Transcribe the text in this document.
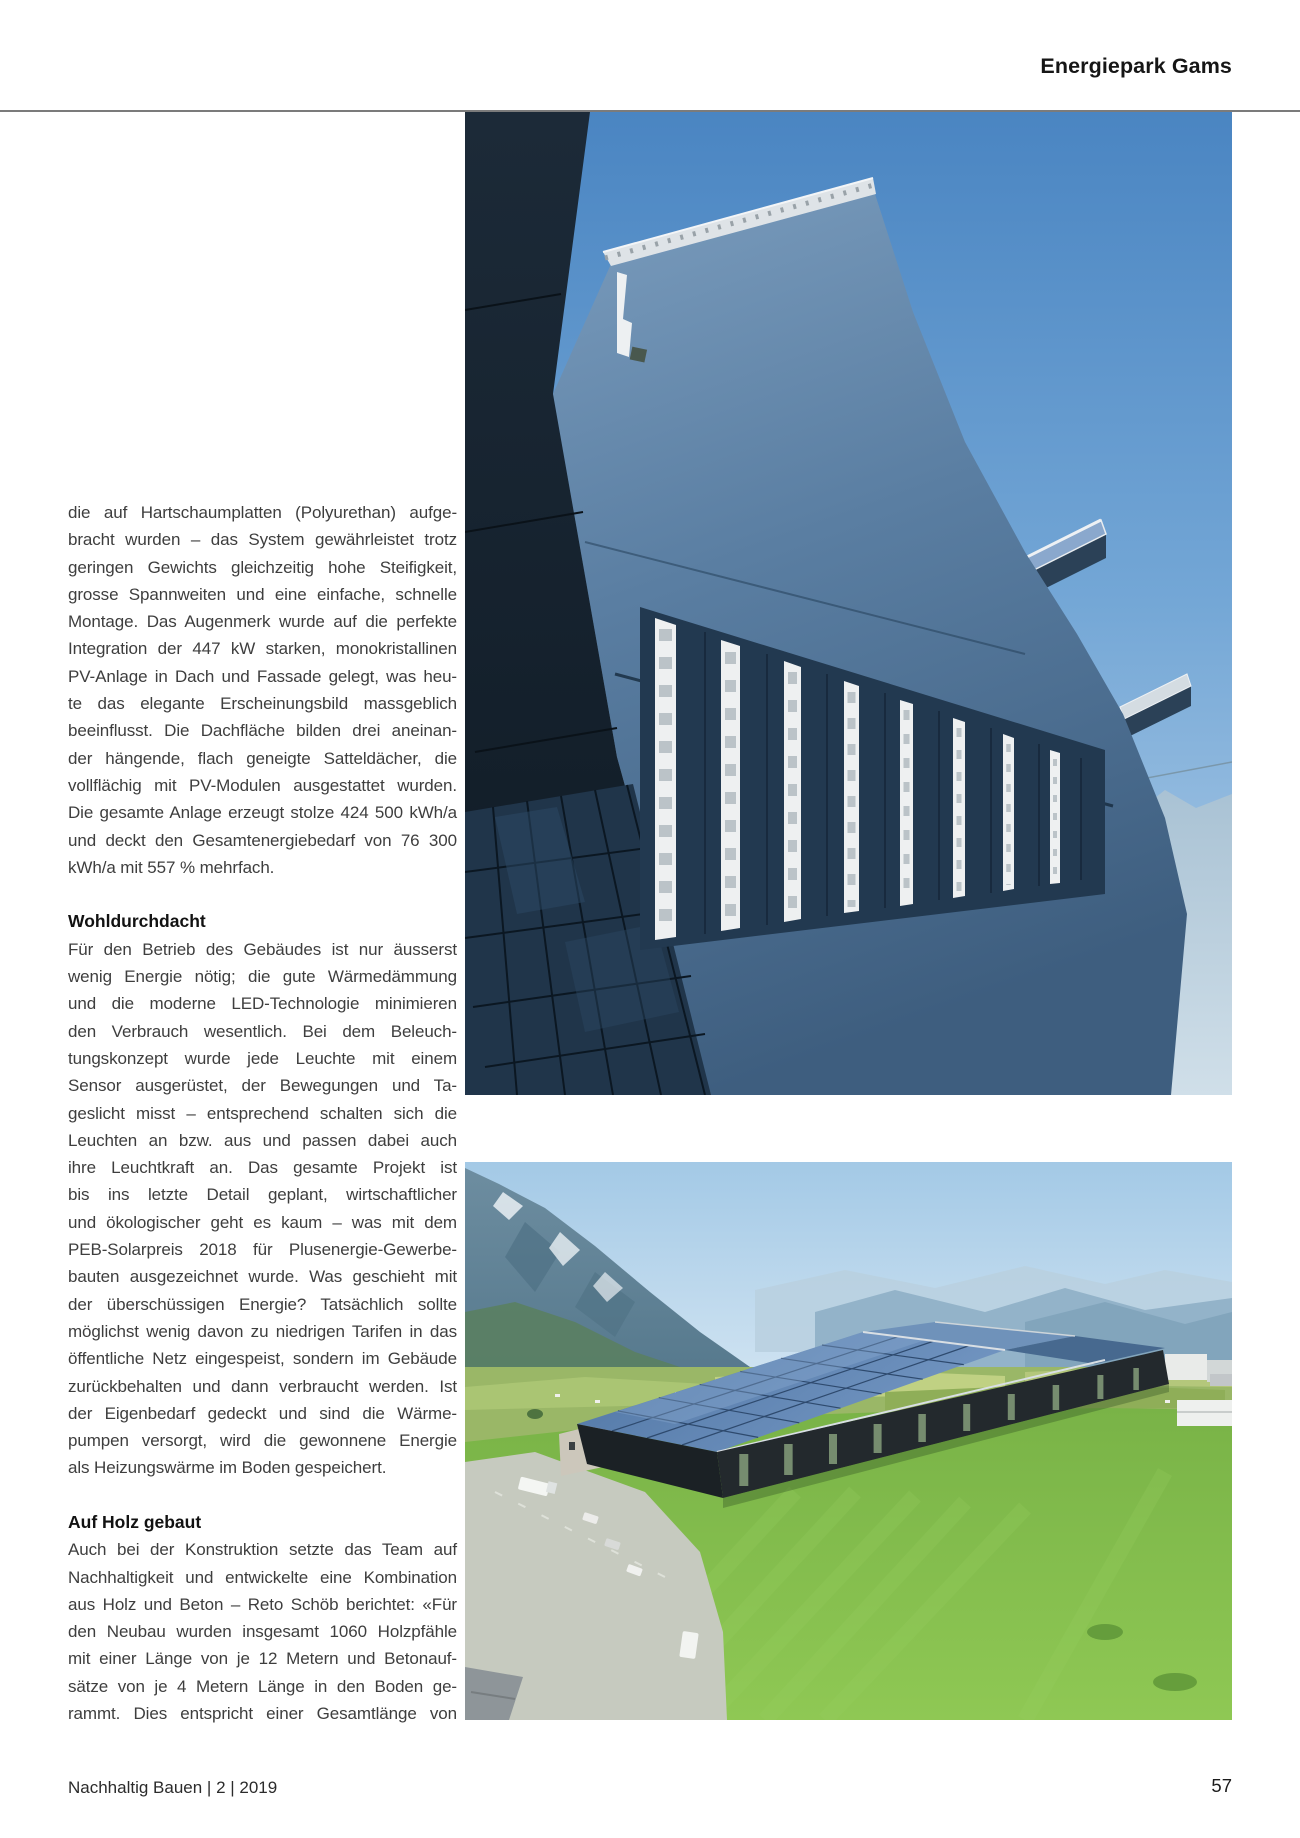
Energiepark Gams
die auf Hartschaumplatten (Polyurethan) aufge-
bracht wurden – das System gewährleistet trotz
geringen Gewichts gleichzeitig hohe Steifigkeit,
grosse Spannweiten und eine einfache, schnelle
Montage. Das Augenmerk wurde auf die perfekte
Integration der 447 kW starken, monokristallinen
PV-Anlage in Dach und Fassade gelegt, was heu-
te das elegante Erscheinungsbild massgeblich
beeinflusst. Die Dachfläche bilden drei aneinan-
der hängende, flach geneigte Satteldächer, die
vollflächig mit PV-Modulen ausgestattet wurden.
Die gesamte Anlage erzeugt stolze 424 500 kWh/a
und deckt den Gesamtenergiebedarf von 76 300
kWh/a mit 557 % mehrfach.
Wohldurchdacht
Für den Betrieb des Gebäudes ist nur äusserst
wenig Energie nötig; die gute Wärmedämmung
und die moderne LED-Technologie minimieren
den Verbrauch wesentlich. Bei dem Beleuch-
tungskonzept wurde jede Leuchte mit einem
Sensor ausgerüstet, der Bewegungen und Ta-
geslicht misst – entsprechend schalten sich die
Leuchten an bzw. aus und passen dabei auch
ihre Leuchtkraft an. Das gesamte Projekt ist
bis ins letzte Detail geplant, wirtschaftlicher
und ökologischer geht es kaum – was mit dem
PEB-Solarpreis 2018 für Plusenergie-Gewerbe-
bauten ausgezeichnet wurde. Was geschieht mit
der überschüssigen Energie? Tatsächlich sollte
möglichst wenig davon zu niedrigen Tarifen in das
öffentliche Netz eingespeist, sondern im Gebäude
zurückbehalten und dann verbraucht werden. Ist
der Eigenbedarf gedeckt und sind die Wärme-
pumpen versorgt, wird die gewonnene Energie
als Heizungswärme im Boden gespeichert.
Auf Holz gebaut
Auch bei der Konstruktion setzte das Team auf
Nachhaltigkeit und entwickelte eine Kombination
aus Holz und Beton – Reto Schöb berichtet: «Für
den Neubau wurden insgesamt 1060 Holzpfähle
mit einer Länge von je 12 Metern und Betonauf-
sätze von je 4 Metern Länge in den Boden ge-
rammt. Dies entspricht einer Gesamtlänge von
Nachhaltig Bauen | 2 | 2019	57
